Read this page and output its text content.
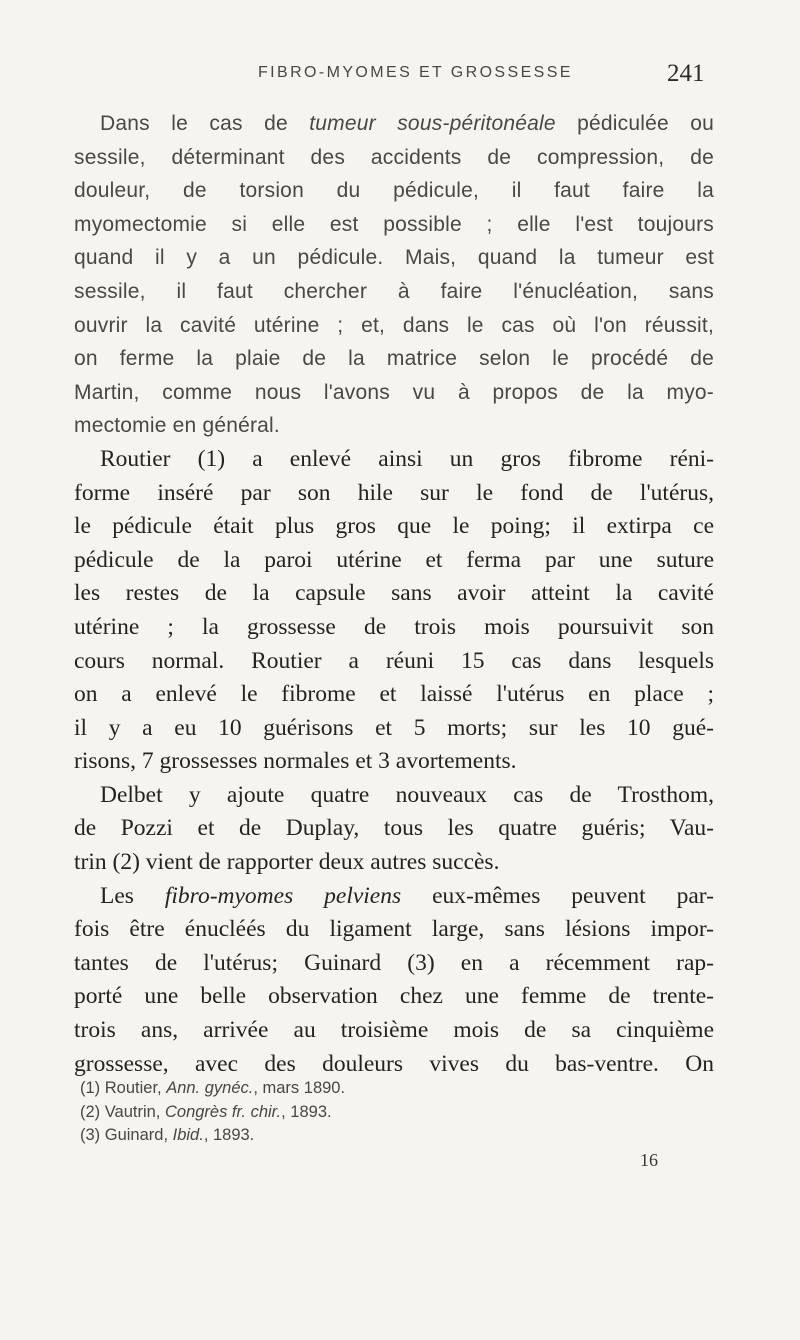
FIBRO-MYOMES ET GROSSESSE	241
Dans le cas de tumeur sous-péritonéale pédiculée ou
sessile, déterminant des accidents de compression, de
douleur, de torsion du pédicule, il faut faire la
myomectomie si elle est possible ; elle l'est toujours
quand il y a un pédicule. Mais, quand la tumeur est
sessile, il faut chercher à faire l'énucléation, sans
ouvrir la cavité utérine ; et, dans le cas où l'on réussit,
on ferme la plaie de la matrice selon le procédé de
Martin, comme nous l'avons vu à propos de la myo-
mectomie en général.
Routier (1) a enlevé ainsi un gros fibrome réni-
forme inséré par son hile sur le fond de l'utérus,
le pédicule était plus gros que le poing; il extirpa ce
pédicule de la paroi utérine et ferma par une suture
les restes de la capsule sans avoir atteint la cavité
utérine ; la grossesse de trois mois poursuivit son
cours normal. Routier a réuni 15 cas dans lesquels
on a enlevé le fibrome et laissé l'utérus en place ;
il y a eu 10 guérisons et 5 morts; sur les 10 gué-
risons, 7 grossesses normales et 3 avortements.
Delbet y ajoute quatre nouveaux cas de Trosthom,
de Pozzi et de Duplay, tous les quatre guéris; Vau-
trin (2) vient de rapporter deux autres succès.
Les fibro-myomes pelviens eux-mêmes peuvent par-
fois être énucléés du ligament large, sans lésions impor-
tantes de l'utérus; Guinard (3) en a récemment rap-
porté une belle observation chez une femme de trente-
trois ans, arrivée au troisième mois de sa cinquième
grossesse, avec des douleurs vives du bas-ventre. On
(1) Routier, Ann. gynéc., mars 1890.
(2) Vautrin, Congrès fr. chir., 1893.
(3) Guinard, Ibid., 1893.
16
